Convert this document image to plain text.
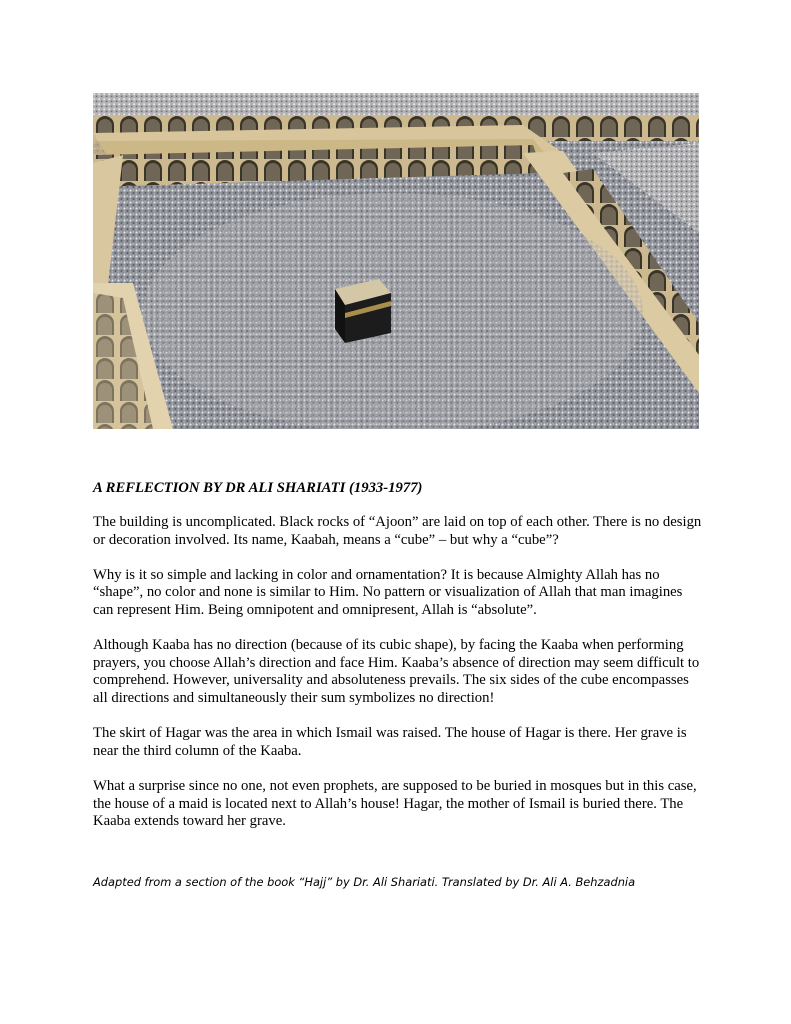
A REFLECTION BY DR ALI SHARIATI (1933-1977)

The building is uncomplicated. Black rocks of “Ajoon” are laid on top of each other. There is no design or decoration involved. Its name, Kaabah, means a “cube” – but why a “cube”?

Why is it so simple and lacking in color and ornamentation? It is because Almighty Allah has no “shape”, no color and none is similar to Him. No pattern or visualization of Allah that man imagines can represent Him. Being omnipotent and omnipresent, Allah is “absolute”.

Although Kaaba has no direction (because of its cubic shape), by facing the Kaaba when performing prayers, you choose Allah’s direction and face Him. Kaaba’s absence of direction may seem difficult to comprehend. However, universality and absoluteness prevails. The six sides of the cube encompasses all directions and simultaneously their sum symbolizes no direction!

The skirt of Hagar was the area in which Ismail was raised. The house of Hagar is there. Her grave is near the third column of the Kaaba.

What a surprise since no one, not even prophets, are supposed to be buried in mosques but in this case, the house of a maid is located next to Allah’s house! Hagar, the mother of Ismail is buried there. The Kaaba extends toward her grave.

Adapted from a section of the book “Hajj” by Dr. Ali Shariati. Translated by Dr. Ali A. Behzadnia
